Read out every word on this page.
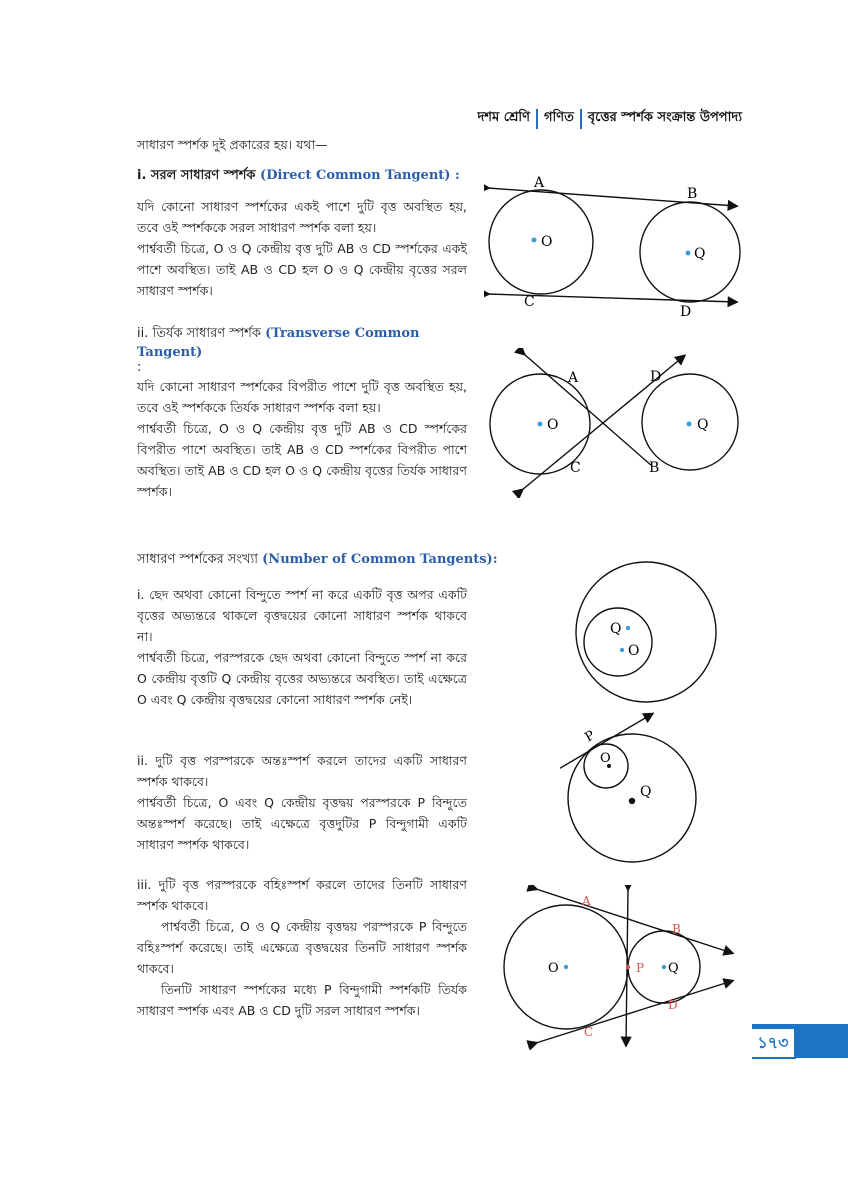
দশম শ্রেণি গণিত বৃত্তের স্পর্শক সংক্রান্ত উপপাদ্য
সাধারণ স্পর্শক দুই প্রকারের হয়। যথা—
i. সরল সাধারণ স্পর্শক (Direct Common Tangent) :

যদি কোনো সাধারণ স্পর্শকের একই পাশে দুটি বৃত্ত অবস্থিত হয়, তবে ওই স্পর্শককে সরল সাধারণ স্পর্শক বলা হয়।

পার্শ্ববর্তী চিত্রে, O ও Q কেন্দ্রীয় বৃত্ত দুটি AB ও CD স্পর্শকের একই পাশে অবস্থিত। তাই AB ও CD হল O ও Q কেন্দ্রীয় বৃত্তের সরল সাধারণ স্পর্শক।

ii. তির্যক সাধারণ স্পর্শক (Transverse Common Tangent)
:

যদি কোনো সাধারণ স্পর্শকের বিপরীত পাশে দুটি বৃত্ত অবস্থিত হয়, তবে ওই স্পর্শককে তির্যক সাধারণ স্পর্শক বলা হয়।

পার্শ্ববর্তী চিত্রে, O ও Q কেন্দ্রীয় বৃত্ত দুটি AB ও CD স্পর্শকের বিপরীত পাশে অবস্থিত। তাই AB ও CD স্পর্শকের বিপরীত পাশে অবস্থিত। তাই AB ও CD হল O ও Q কেন্দ্রীয় বৃত্তের তির্যক সাধারণ স্পর্শক।

সাধারণ স্পর্শকের সংখ্যা (Number of Common Tangents):

i. ছেদ অথবা কোনো বিন্দুতে স্পর্শ না করে একটি বৃত্ত অপর একটি বৃত্তের অভ্যন্তরে থাকলে বৃত্তদ্বয়ের কোনো সাধারণ স্পর্শক থাকবে না।

পার্শ্ববর্তী চিত্রে, পরস্পরকে ছেদ অথবা কোনো বিন্দুতে স্পর্শ না করে O কেন্দ্রীয় বৃত্তটি Q কেন্দ্রীয় বৃত্তের অভ্যন্তরে অবস্থিত। তাই এক্ষেত্রে O এবং Q কেন্দ্রীয় বৃত্তদ্বয়ের কোনো সাধারণ স্পর্শক নেই।

ii. দুটি বৃত্ত পরস্পরকে অন্তঃস্পর্শ করলে তাদের একটি সাধারণ স্পর্শক থাকবে।

পার্শ্ববর্তী চিত্রে, O এবং Q কেন্দ্রীয় বৃত্তদ্বয় পরস্পরকে P বিন্দুতে অন্তঃস্পর্শ করেছে। তাই এক্ষেত্রে বৃত্তদুটির P বিন্দুগামী একটি সাধারণ স্পর্শক থাকবে।

iii. দুটি বৃত্ত পরস্পরকে বহিঃস্পর্শ করলে তাদের তিনটি সাধারণ স্পর্শক থাকবে।

পার্শ্ববর্তী চিত্রে, O ও Q কেন্দ্রীয় বৃত্তদ্বয় পরস্পরকে P বিন্দুতে বহিঃস্পর্শ করেছে। তাই এক্ষেত্রে বৃত্তদ্বয়ের তিনটি সাধারণ স্পর্শক থাকবে।

তিনটি সাধারণ স্পর্শকের মধ্যে P বিন্দুগামী স্পর্শকটি তির্যক সাধারণ স্পর্শক এবং AB ও CD দুটি সরল সাধারণ স্পর্শক।

A
B
C
D
O
Q
A
B
C
D
O	Q
Q
O
P
O
Q
A
B
C
D
O	Q
P
১৭৩
